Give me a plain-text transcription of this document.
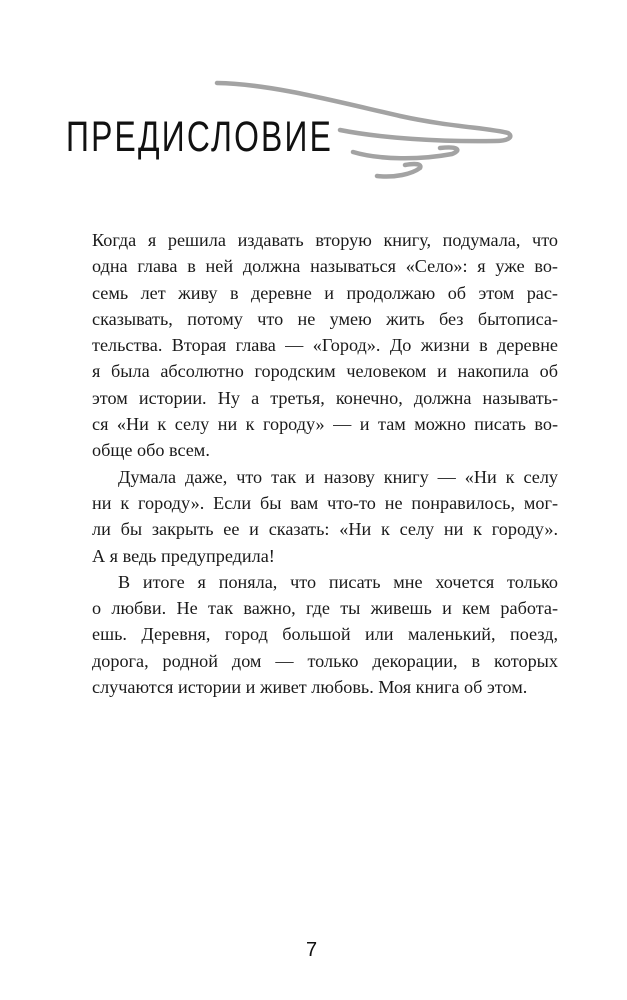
ПРЕДИСЛОВИЕ
Когда я решила издавать вторую книгу, подумала, что
одна глава в ней должна называться «Село»: я уже во-
семь лет живу в деревне и продолжаю об этом рас-
сказывать, потому что не умею жить без бытописа-
тельства. Вторая глава — «Город». До жизни в деревне
я была абсолютно городским человеком и накопила об
этом истории. Ну а третья, конечно, должна называть-
ся «Ни к селу ни к городу» — и там можно писать во-
обще обо всем.
Думала даже, что так и назову книгу — «Ни к селу
ни к городу». Если бы вам что-то не понравилось, мог-
ли бы закрыть ее и сказать: «Ни к селу ни к городу».
А я ведь предупредила!
В итоге я поняла, что писать мне хочется только
о любви. Не так важно, где ты живешь и кем работа-
ешь. Деревня, город большой или маленький, поезд,
дорога, родной дом — только декорации, в которых
случаются истории и живет любовь. Моя книга об этом.
7
